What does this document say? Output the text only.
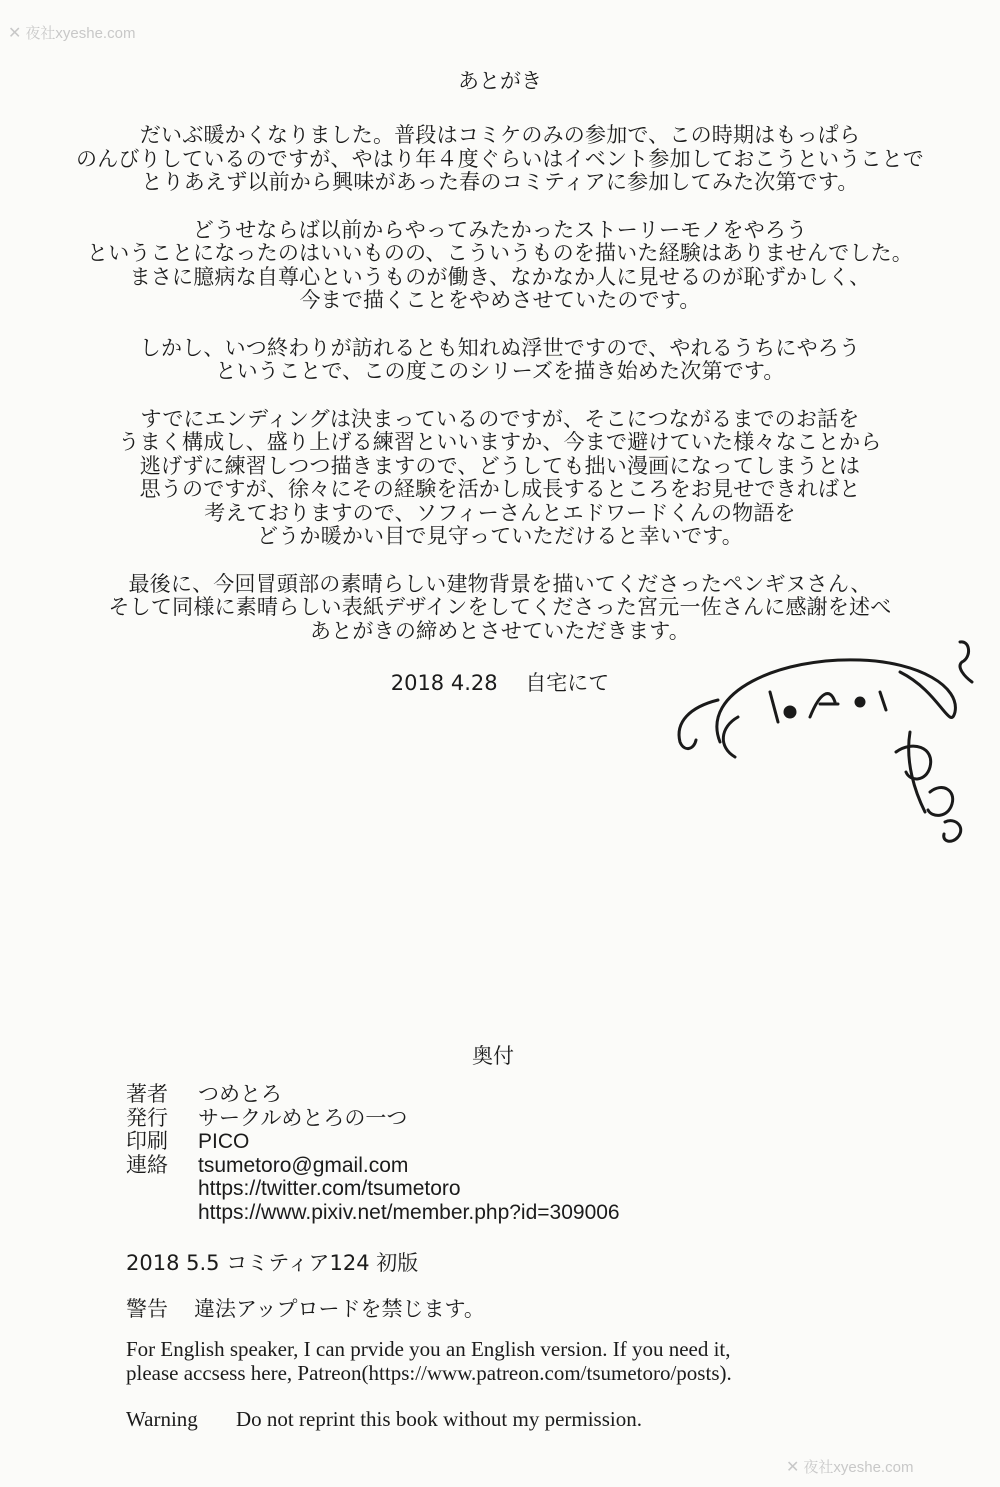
✕ 夜社xyeshe.com
あとがき
だいぶ暖かくなりました。普段はコミケのみの参加で、この時期はもっぱら
のんびりしているのですが、やはり年４度ぐらいはイベント参加しておこうということで
とりあえず以前から興味があった春のコミティアに参加してみた次第です。
どうせならば以前からやってみたかったストーリーモノをやろう
ということになったのはいいものの、こういうものを描いた経験はありませんでした。
まさに臆病な自尊心というものが働き、なかなか人に見せるのが恥ずかしく、
今まで描くことをやめさせていたのです。
しかし、いつ終わりが訪れるとも知れぬ浮世ですので、やれるうちにやろう
ということで、この度このシリーズを描き始めた次第です。
すでにエンディングは決まっているのですが、そこにつながるまでのお話を
うまく構成し、盛り上げる練習といいますか、今まで避けていた様々なことから
逃げずに練習しつつ描きますので、どうしても拙い漫画になってしまうとは
思うのですが、徐々にその経験を活かし成長するところをお見せできればと
考えておりますので、ソフィーさんとエドワードくんの物語を
どうか暖かい目で見守っていただけると幸いです。
最後に、今回冒頭部の素晴らしい建物背景を描いてくださったペンギヌさん、
そして同様に素晴らしい表紙デザインをしてくださった宮元一佐さんに感謝を述べ
あとがきの締めとさせていただきます。
2018 4.28　 自宅にて
奥付
著者	つめとろ
発行	サークルめとろの一つ
印刷	PICO
連絡	tsumetoro@gmail.com
https://twitter.com/tsumetoro
https://www.pixiv.net/member.php?id=309006
2018 5.5 コミティア124 初版
警告	違法アップロードを禁じます。
For English speaker, I can prvide you an English version. If you need it,
please accsess here, Patreon(https://www.patreon.com/tsumetoro/posts).
Warning	Do not reprint this book without my permission.
✕ 夜社xyeshe.com
